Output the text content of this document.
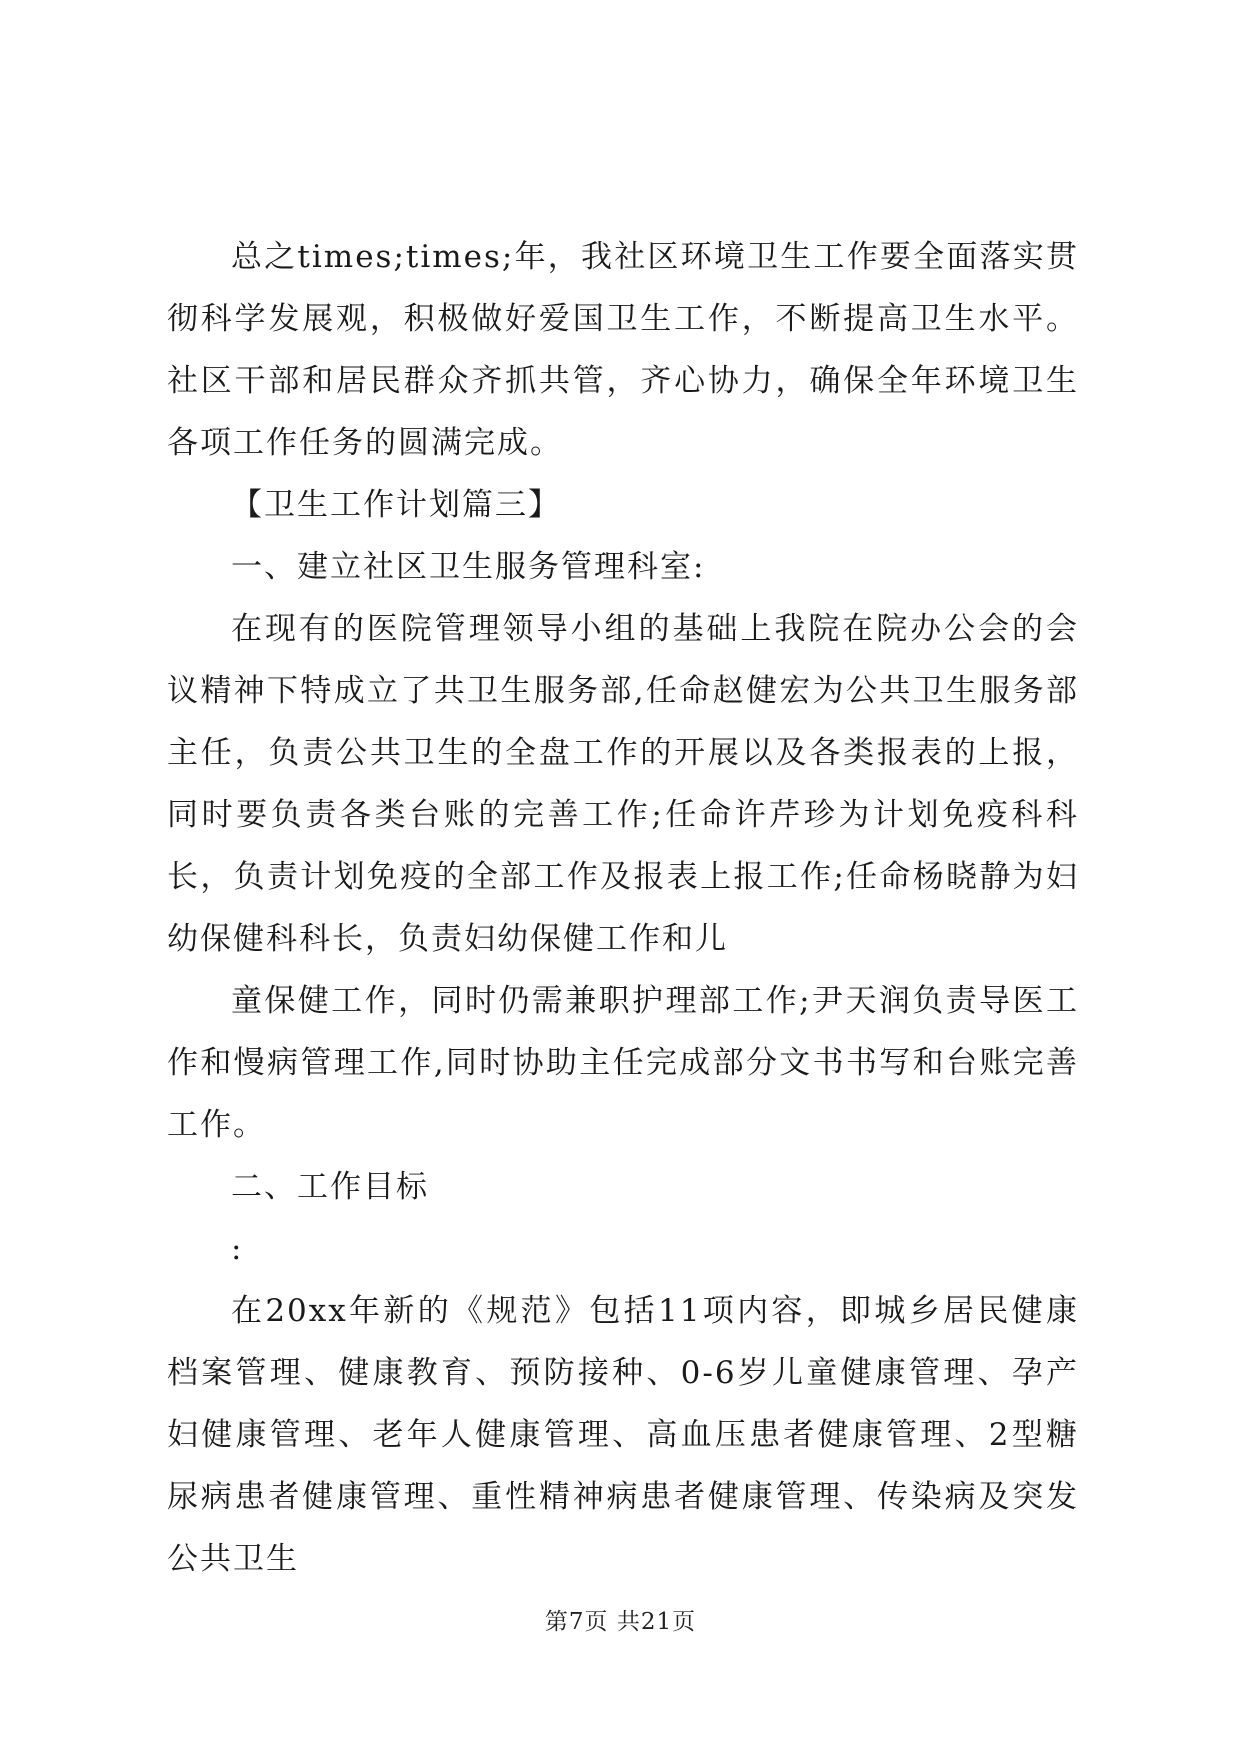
总之times;times;年，我社区环境卫生工作要全面落实贯彻科学发展观，积极做好爱国卫生工作，不断提高卫生水平。社区干部和居民群众齐抓共管，齐心协力，确保全年环境卫生各项工作任务的圆满完成。

【卫生工作计划篇三】

一、建立社区卫生服务管理科室:

在现有的医院管理领导小组的基础上我院在院办公会的会议精神下特成立了共卫生服务部,任命赵健宏为公共卫生服务部主任，负责公共卫生的全盘工作的开展以及各类报表的上报，同时要负责各类台账的完善工作;任命许芹珍为计划免疫科科长，负责计划免疫的全部工作及报表上报工作;任命杨晓静为妇幼保健科科长，负责妇幼保健工作和儿

童保健工作，同时仍需兼职护理部工作;尹天润负责导医工作和慢病管理工作,同时协助主任完成部分文书书写和台账完善工作。

二、工作目标

:

在20xx年新的《规范》包括11项内容，即城乡居民健康档案管理、健康教育、预防接种、0-6岁儿童健康管理、孕产妇健康管理、老年人健康管理、高血压患者健康管理、2型糖尿病患者健康管理、重性精神病患者健康管理、传染病及突发公共卫生

第7页 共21页
